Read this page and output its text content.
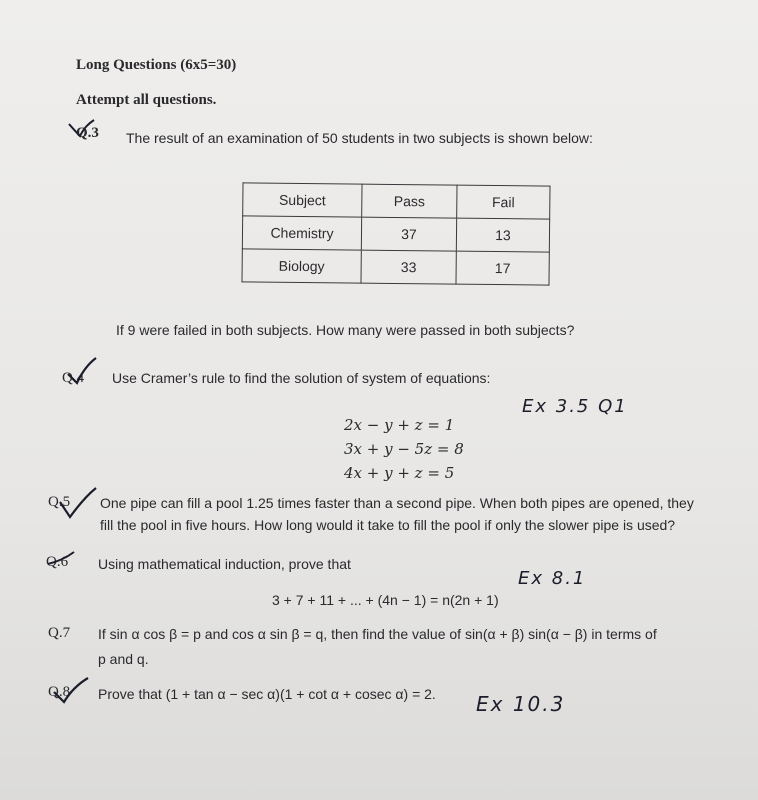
Long Questions (6x5=30)
Attempt all questions.
Q.3 The result of an examination of 50 students in two subjects is shown below:
Subject	Pass	Fail
Chemistry	37	13
Biology	33	17
If 9 were failed in both subjects. How many were passed in both subjects?
Q.4 Use Cramer’s rule to find the solution of system of equations:
Ex 3.5 Q1
2x − y + z = 1
3x + y − 5z = 8
4x + y + z = 5
Q.5 One pipe can fill a pool 1.25 times faster than a second pipe. When both pipes are opened, they
fill the pool in five hours. How long would it take to fill the pool if only the slower pipe is used?
Q.6 Using mathematical induction, prove that
Ex 8.1
3 + 7 + 11 + ... + (4n − 1) = n(2n + 1)
Q.7 If sin α cos β = p and cos α sin β = q, then find the value of sin(α + β) sin(α − β) in terms of
p and q.
Q.8 Prove that (1 + tan α − sec α)(1 + cot α + cosec α) = 2. Ex 10.3
